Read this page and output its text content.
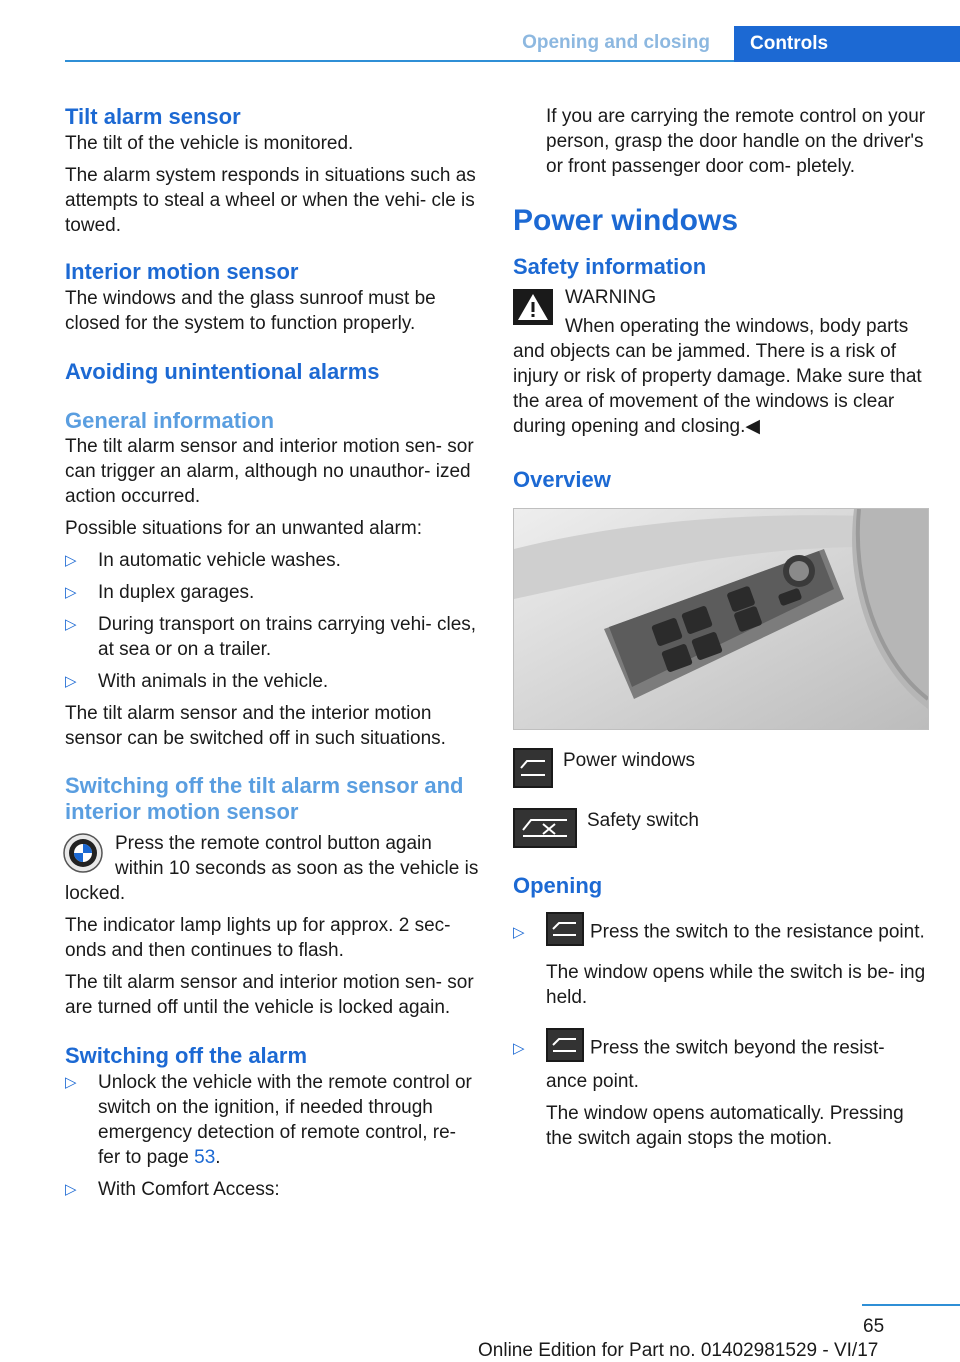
Opening and closing	Controls
Tilt alarm sensor

The tilt of the vehicle is monitored.

The alarm system responds in situations such as attempts to steal a wheel or when the vehi‐ cle is towed.

Interior motion sensor

The windows and the glass sunroof must be closed for the system to function properly.

Avoiding unintentional alarms
General information

The tilt alarm sensor and interior motion sen‐ sor can trigger an alarm, although no unauthor‐ ized action occurred.

Possible situations for an unwanted alarm:

▷ In automatic vehicle washes.
▷ In duplex garages.
▷ During transport on trains carrying vehi‐ cles, at sea or on a trailer.
▷ With animals in the vehicle.

The tilt alarm sensor and the interior motion sensor can be switched off in such situations.

Switching off the tilt alarm sensor and interior motion sensor

Press the remote control button again within 10 seconds as soon as the vehicle is locked.

The indicator lamp lights up for approx. 2 sec‐ onds and then continues to flash.

The tilt alarm sensor and interior motion sen‐ sor are turned off until the vehicle is locked again.

Switching off the alarm
▷ Unlock the vehicle with the remote control or switch on the ignition, if needed through emergency detection of remote control, re‐ fer to page 53.
▷ With Comfort Access:

If you are carrying the remote control on your person, grasp the door handle on the driver's or front passenger door com‐ pletely.

Power windows
Safety information

WARNING

When operating the windows, body parts and objects can be jammed. There is a risk of injury or risk of property damage. Make sure that the area of movement of the windows is clear during opening and closing.◀

Overview
Power windows
Safety switch
Opening
▷	Press the switch to the resistance point.
The window opens while the switch is be‐ ing held.
▷	Press the switch beyond the resist‐ ance point.
The window opens automatically. Pressing the switch again stops the motion.
65
Online Edition for Part no. 01402981529 - VI/17
